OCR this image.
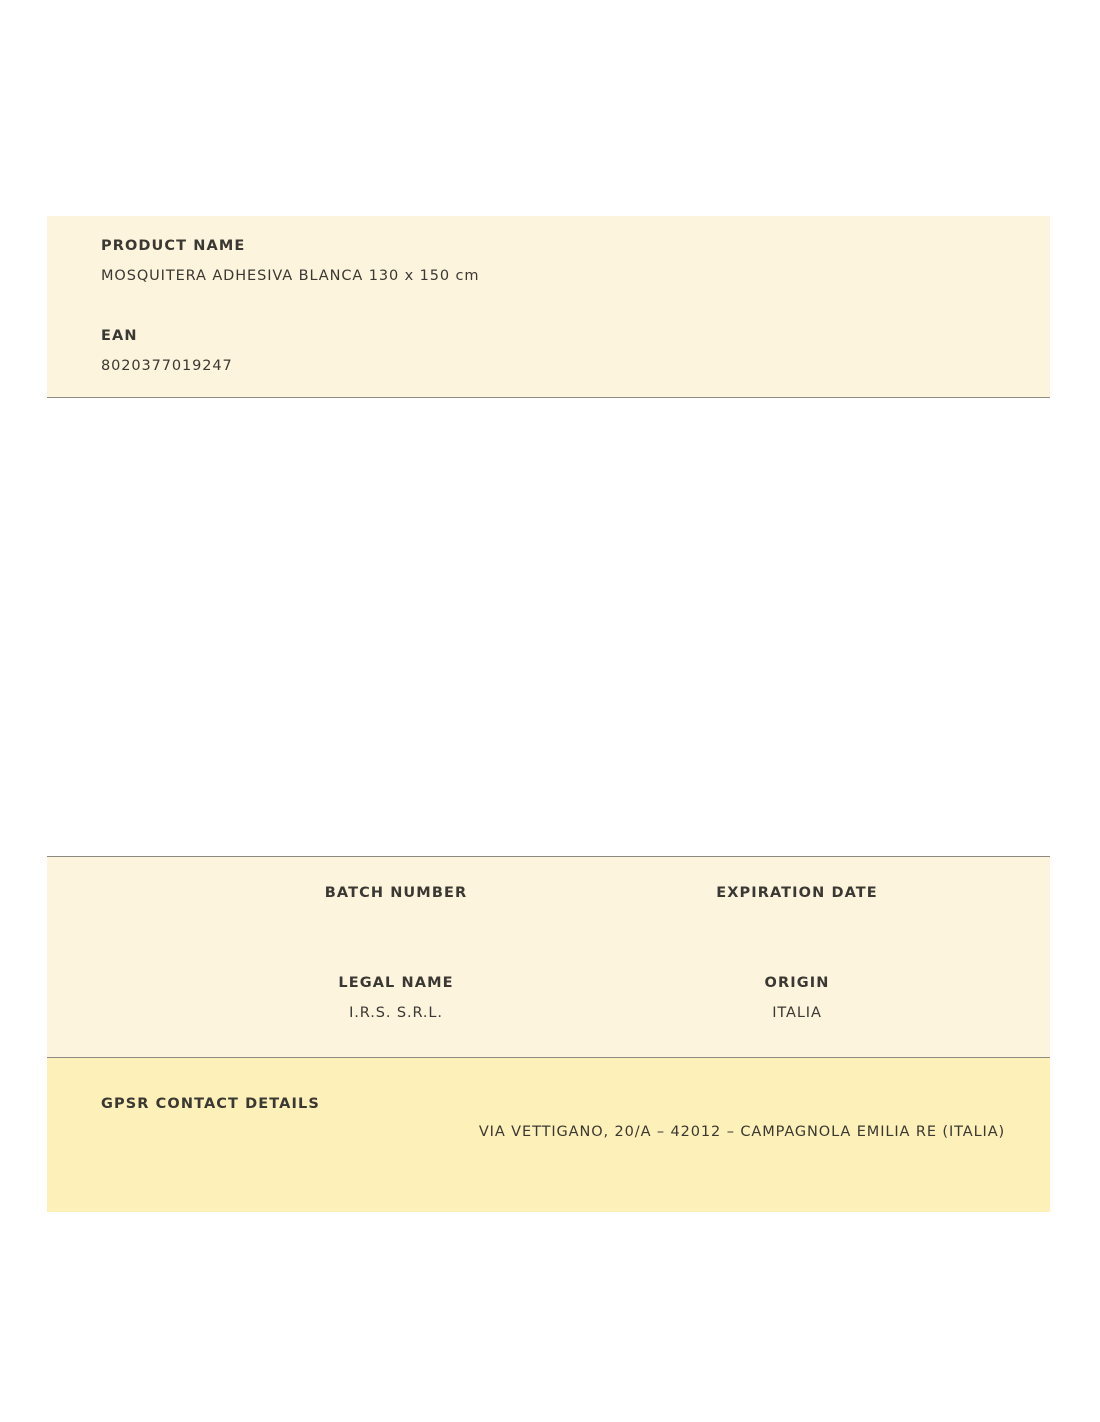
PRODUCT NAME
MOSQUITERA ADHESIVA BLANCA 130 x 150 cm
EAN
8020377019247
BATCH NUMBER	EXPIRATION DATE
LEGAL NAME
I.R.S. S.R.L.
ORIGIN
ITALIA
GPSR CONTACT DETAILS
VIA VETTIGANO, 20/A – 42012 – CAMPAGNOLA EMILIA RE (ITALIA)
